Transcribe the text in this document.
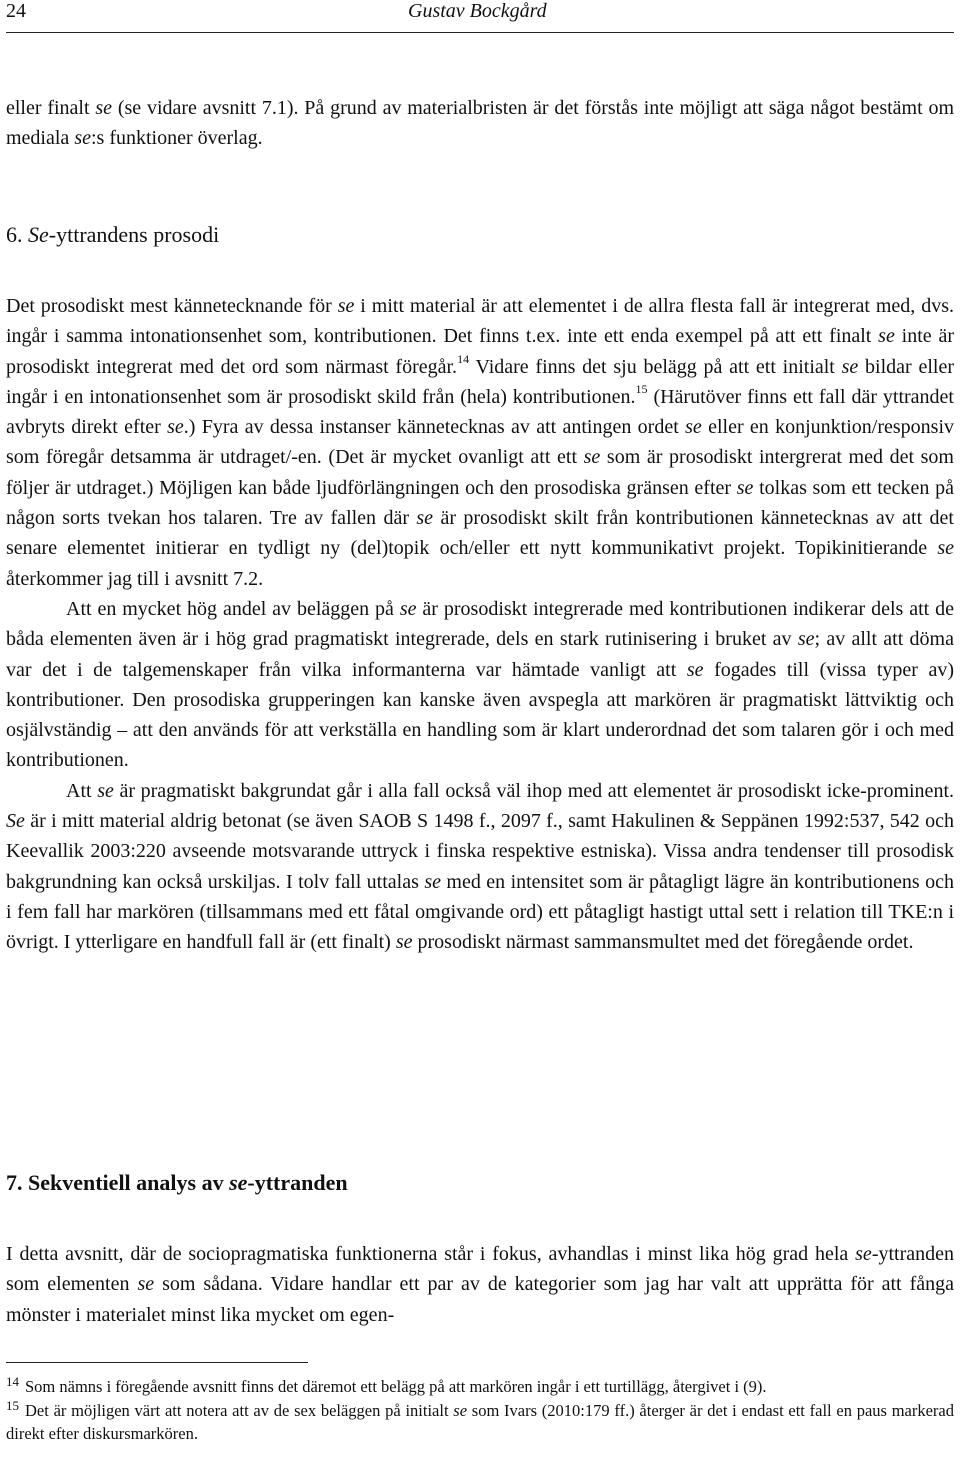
24	Gustav Bockgård

eller finalt se (se vidare avsnitt 7.1). På grund av materialbristen är det förstås inte möjligt att säga något bestämt om mediala se:s funktioner överlag.

6. Se-yttrandens prosodi

Det prosodiskt mest kännetecknande för se i mitt material är att elementet i de allra flesta fall är integrerat med, dvs. ingår i samma intonationsenhet som, kontributionen. Det finns t.ex. inte ett enda exempel på att ett finalt se inte är prosodiskt integrerat med det ord som närmast föregår.$^{14}$ Vidare finns det sju belägg på att ett initialt se bildar eller ingår i en intonationsenhet som är prosodiskt skild från (hela) kontributionen.$^{15}$ (Härutöver finns ett fall där yttrandet avbryts direkt efter se.) Fyra av dessa instanser kännetecknas av att antingen ordet se eller en konjunktion/responsiv som föregår detsamma är utdraget/-en. (Det är mycket ovanligt att ett se som är prosodiskt intergrerat med det som följer är utdraget.) Möjligen kan både ljudförlängningen och den prosodiska gränsen efter se tolkas som ett tecken på någon sorts tvekan hos talaren. Tre av fallen där se är prosodiskt skilt från kontributionen kännetecknas av att det senare elementet initierar en tydligt ny (del)topik och/eller ett nytt kommunikativt projekt. Topikinitierande se återkommer jag till i avsnitt 7.2.

Att en mycket hög andel av beläggen på se är prosodiskt integrerade med kontributionen indikerar dels att de båda elementen även är i hög grad pragmatiskt integrerade, dels en stark rutinisering i bruket av se; av allt att döma var det i de talgemenskaper från vilka informanterna var hämtade vanligt att se fogades till (vissa typer av) kontributioner. Den prosodiska grupperingen kan kanske även avspegla att markören är pragmatiskt lättviktig och osjälvständig – att den används för att verkställa en handling som är klart underordnad det som talaren gör i och med kontributionen.

Att se är pragmatiskt bakgrundat går i alla fall också väl ihop med att elementet är prosodiskt icke-prominent. Se är i mitt material aldrig betonat (se även SAOB S 1498 f., 2097 f., samt Hakulinen & Seppänen 1992:537, 542 och Keevallik 2003:220 avseende motsvarande uttryck i finska respektive estniska). Vissa andra tendenser till prosodisk bakgrundning kan också urskiljas. I tolv fall uttalas se med en intensitet som är påtagligt lägre än kontributionens och i fem fall har markören (tillsammans med ett fåtal omgivande ord) ett påtagligt hastigt uttal sett i relation till TKE:n i övrigt. I ytterligare en handfull fall är (ett finalt) se prosodiskt närmast sammansmultet med det föregående ordet.

7. Sekventiell analys av se-yttranden

I detta avsnitt, där de sociopragmatiska funktionerna står i fokus, avhandlas i minst lika hög grad hela se-yttranden som elementen se som sådana. Vidare handlar ett par av de kategorier som jag har valt att upprätta för att fånga mönster i materialet minst lika mycket om egen-

$^{14}$ Som nämns i föregående avsnitt finns det däremot ett belägg på att markören ingår i ett turtillägg, återgivet i (9).

$^{15}$ Det är möjligen värt att notera att av de sex beläggen på initialt se som Ivars (2010:179 ff.) återger är det i endast ett fall en paus markerad direkt efter diskursmarkören.
